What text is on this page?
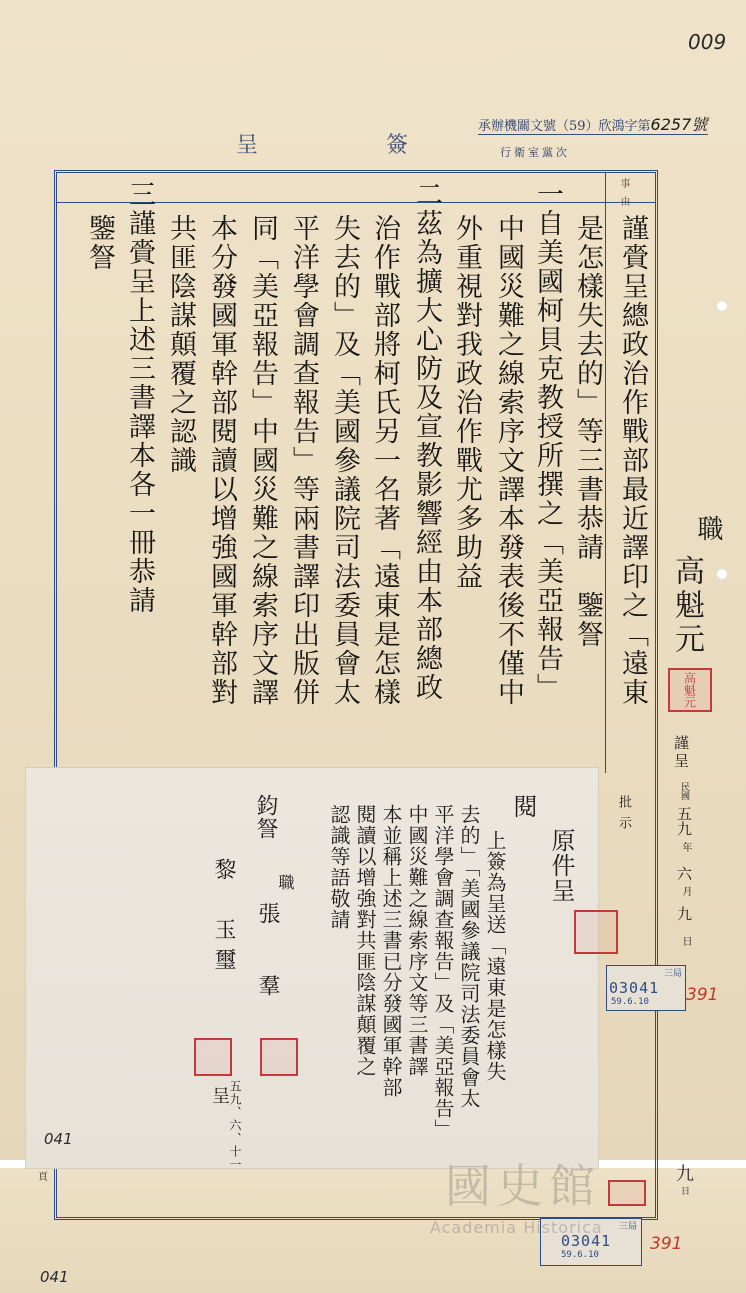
009
簽
呈
承辦機關文號（59）欣鴻字第6257號
行衛室黨次
事由
批示
謹賫呈總政治作戰部最近譯印之「遠東
是怎樣失去的」等三書恭請　鑒詧
一自美國柯貝克教授所撰之「美亞報告」
中國災難之線索序文譯本發表後不僅中
外重視對我政治作戰尤多助益
二茲為擴大心防及宣教影響經由本部總政
治作戰部將柯氏另一名著「遠東是怎樣
失去的」及「美國參議院司法委員會太
平洋學會調查報告」等兩書譯印出版併
同「美亞報告」中國災難之線索序文譯
本分發國軍幹部閱讀以增強國軍幹部對
共匪陰謀顛覆之認識
三謹賫呈上述三書譯本各一冊恭請
鑒詧
職
高魁元
高魁元
謹呈
民國
五九
年
六
月
九
日
原件呈
閱
上簽為呈送「遠東是怎樣失
去的」「美國參議院司法委員會太
平洋學會調查報告」及「美亞報告」
中國災難之線索序文等三書譯
本並稱上述三書已分發國軍幹部
閱讀以增強對共匪陰謀顛覆之
認識等語敬請
鈞詧
職
張　羣
黎　玉璽
呈
五九、六、十一
三局
03041
59.6.10	391
三局
03041
59.6.10
391
041
041
頁	九
日
國史館
Academia Historica
